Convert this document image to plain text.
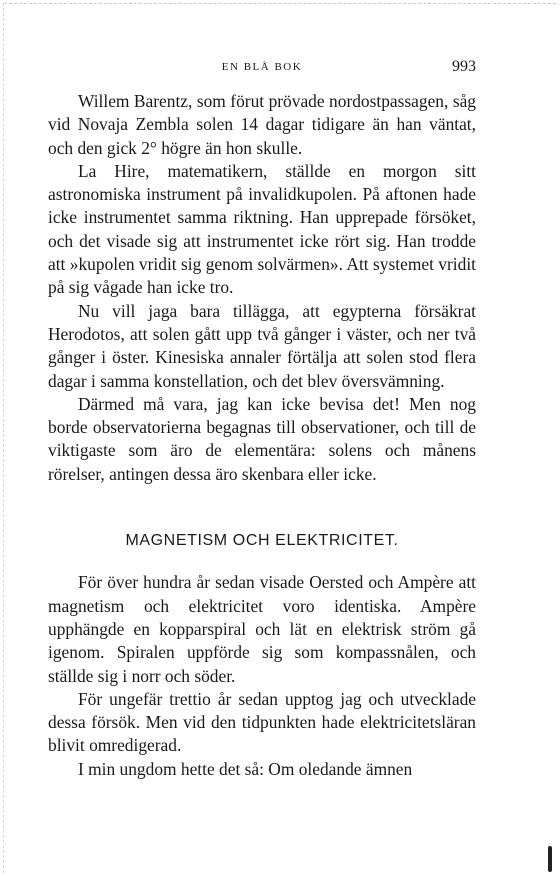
EN BLÅ BOK	993

Willem Barentz, som förut prövade nordostpassagen, såg vid Novaja Zembla solen 14 dagar tidigare än han väntat, och den gick 2° högre än hon skulle.

La Hire, matematikern, ställde en morgon sitt astronomiska instrument på invalidkupolen. På aftonen hade icke instrumentet samma riktning. Han upprepade försöket, och det visade sig att instrumentet icke rört sig. Han trodde att »kupolen vridit sig genom solvärmen». Att systemet vridit på sig vågade han icke tro.

Nu vill jaga bara tillägga, att egypterna försäkrat Herodotos, att solen gått upp två gånger i väster, och ner två gånger i öster. Kinesiska annaler förtälja att solen stod flera dagar i samma konstellation, och det blev översvämning.

Därmed må vara, jag kan icke bevisa det! Men nog borde observatorierna begagnas till observationer, och till de viktigaste som äro de elementära: solens och månens rörelser, antingen dessa äro skenbara eller icke.

MAGNETISM OCH ELEKTRICITET.

För över hundra år sedan visade Oersted och Ampère att magnetism och elektricitet voro identiska. Ampère upphängde en kopparspiral och lät en elektrisk ström gå igenom. Spiralen uppförde sig som kompassnålen, och ställde sig i norr och söder.

För ungefär trettio år sedan upptog jag och utvecklade dessa försök. Men vid den tidpunkten hade elektricitetsläran blivit omredigerad.

I min ungdom hette det så: Om oledande ämnen
